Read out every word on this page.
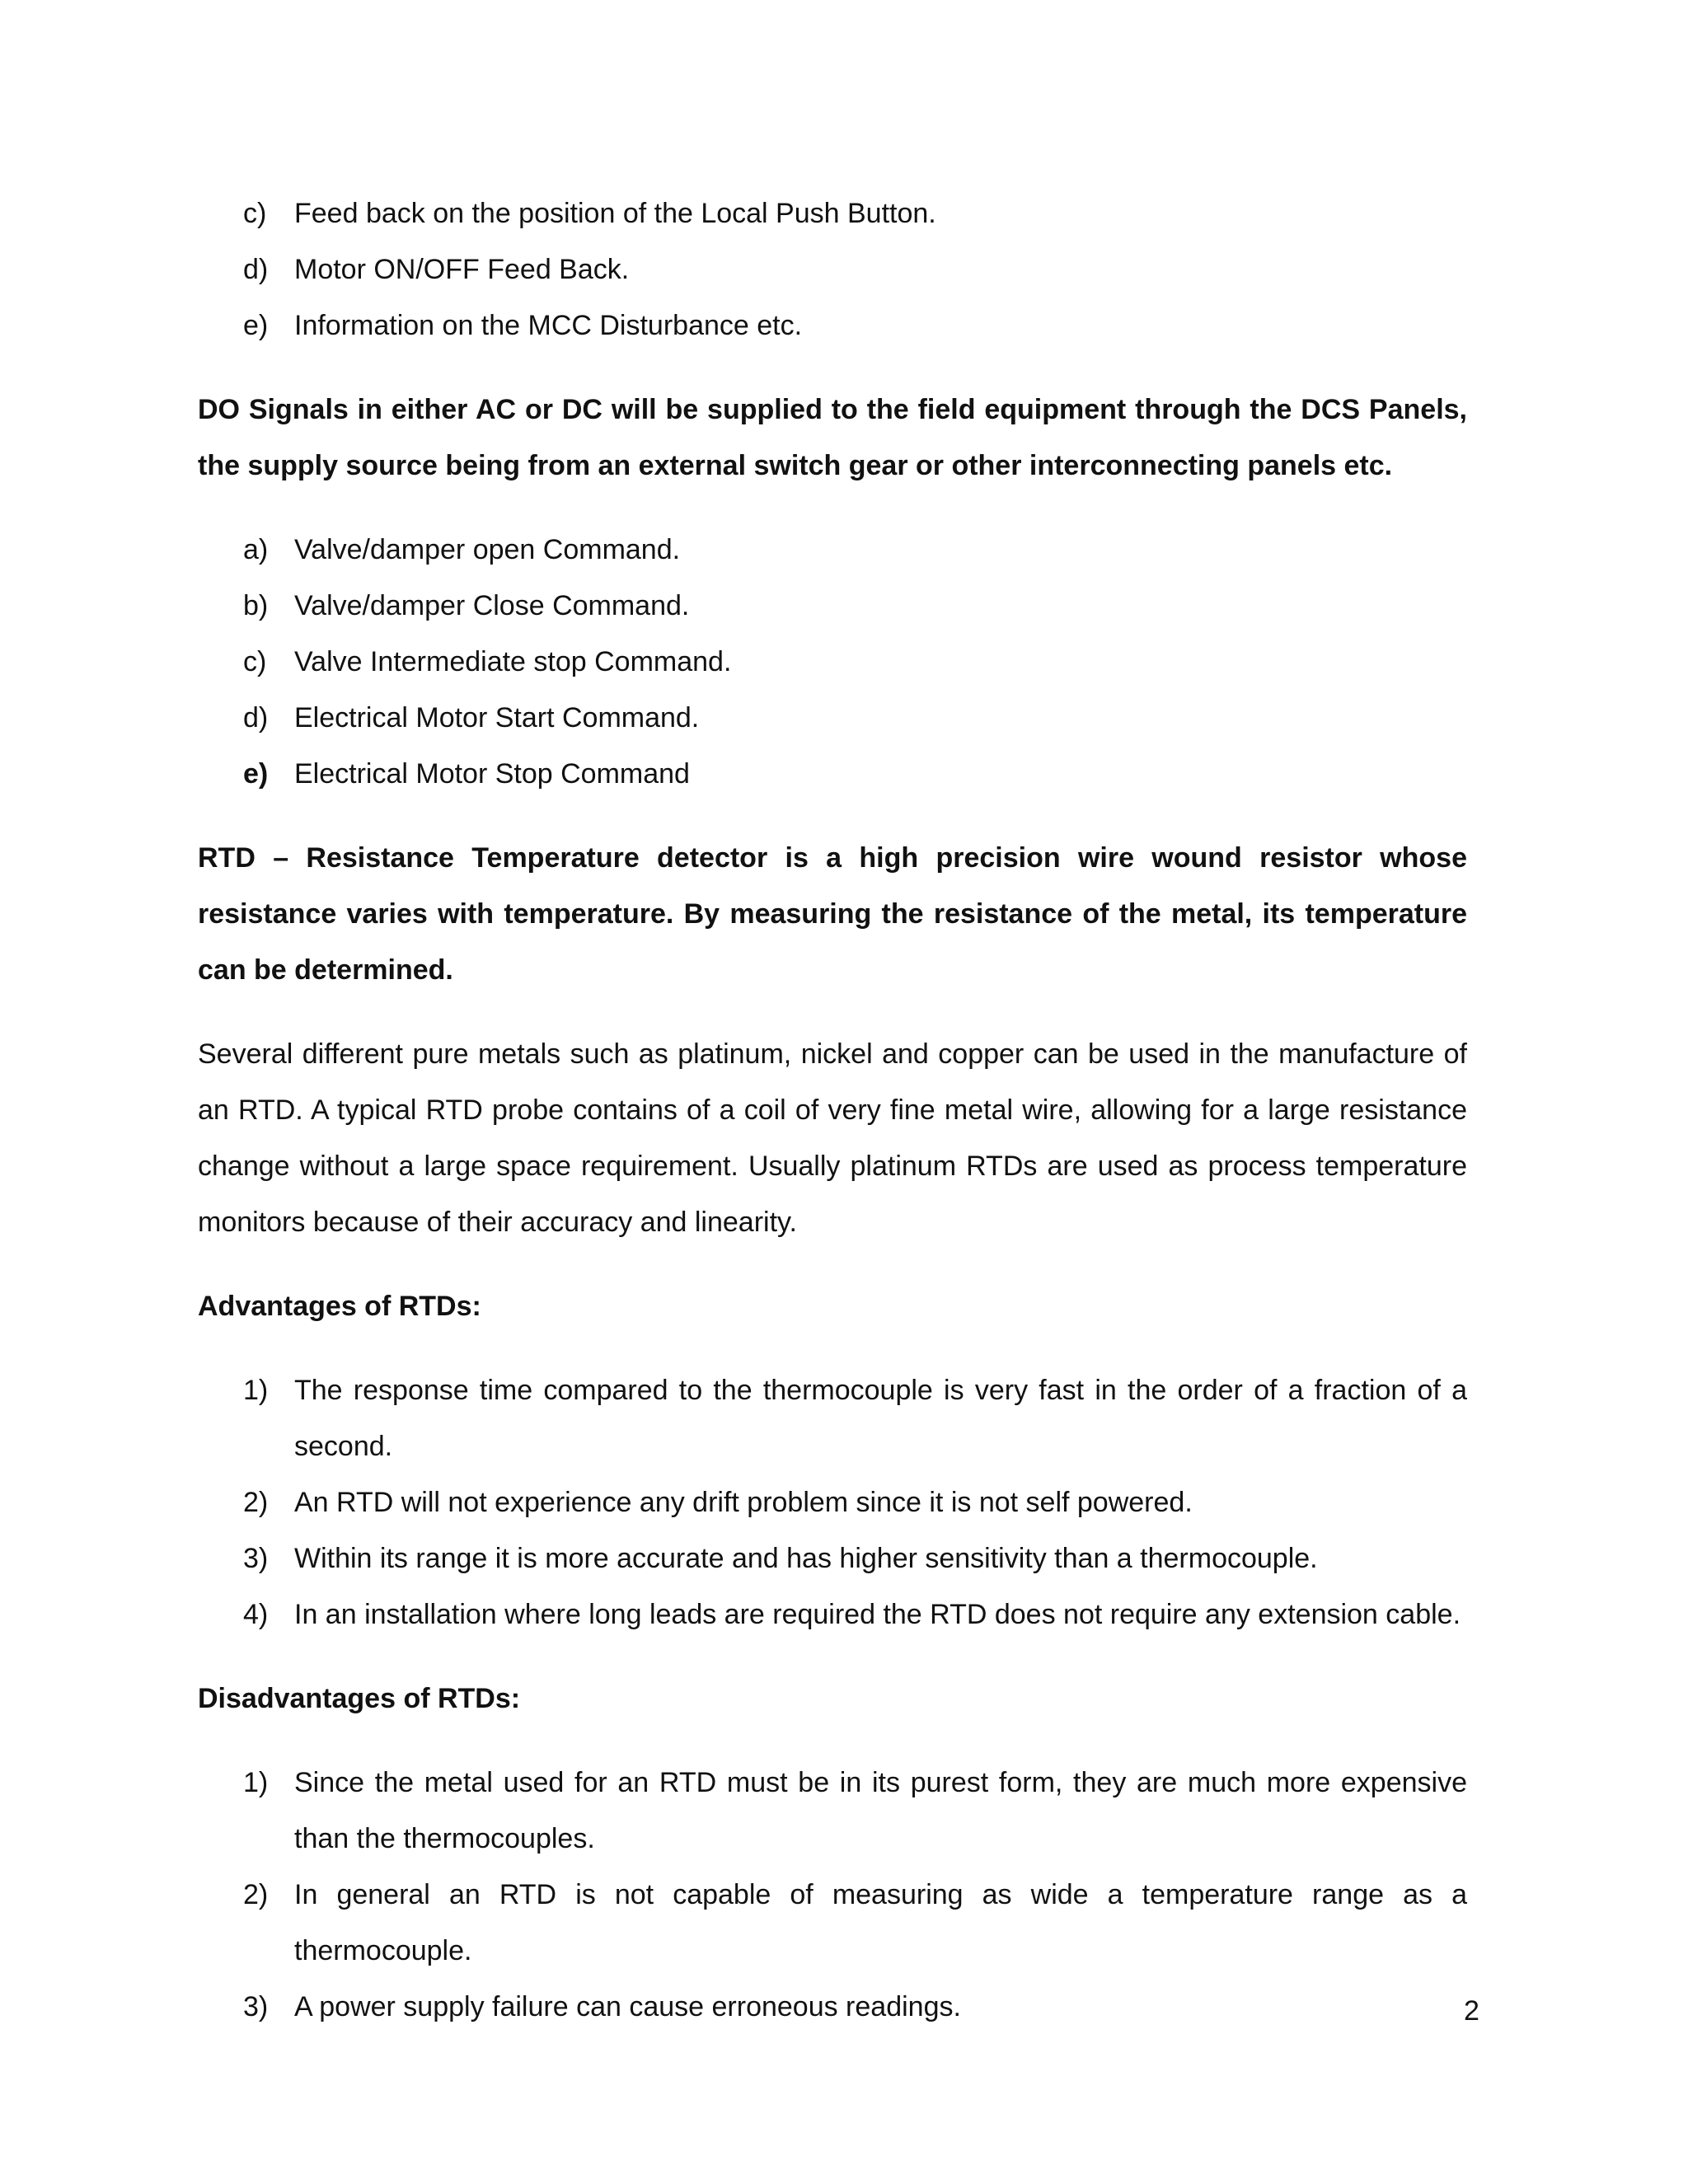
c) Feed back on the position of the Local Push Button.
d) Motor ON/OFF Feed Back.
e) Information on the MCC Disturbance etc.

DO Signals in either AC or DC will be supplied to the field equipment through the DCS Panels, the supply source being from an external switch gear or other interconnecting panels etc.

a) Valve/damper open Command.
b) Valve/damper Close Command.
c) Valve Intermediate stop Command.
d) Electrical Motor Start Command.
e) Electrical Motor Stop Command

RTD – Resistance Temperature detector is a high precision wire wound resistor whose resistance varies with temperature. By measuring the resistance of the metal, its temperature can be determined.

Several different pure metals such as platinum, nickel and copper can be used in the manufacture of an RTD. A typical RTD probe contains of a coil of very fine metal wire, allowing for a large resistance change without a large space requirement. Usually platinum RTDs are used as process temperature monitors because of their accuracy and linearity.

Advantages of RTDs:

1) The response time compared to the thermocouple is very fast in the order of a fraction of a second.
2) An RTD will not experience any drift problem since it is not self powered.
3) Within its range it is more accurate and has higher sensitivity than a thermocouple.
4) In an installation where long leads are required the RTD does not require any extension cable.

Disadvantages of RTDs:

1) Since the metal used for an RTD must be in its purest form, they are much more expensive than the thermocouples.
2) In general an RTD is not capable of measuring as wide a temperature range as a thermocouple.
3) A power supply failure can cause erroneous readings.	2
